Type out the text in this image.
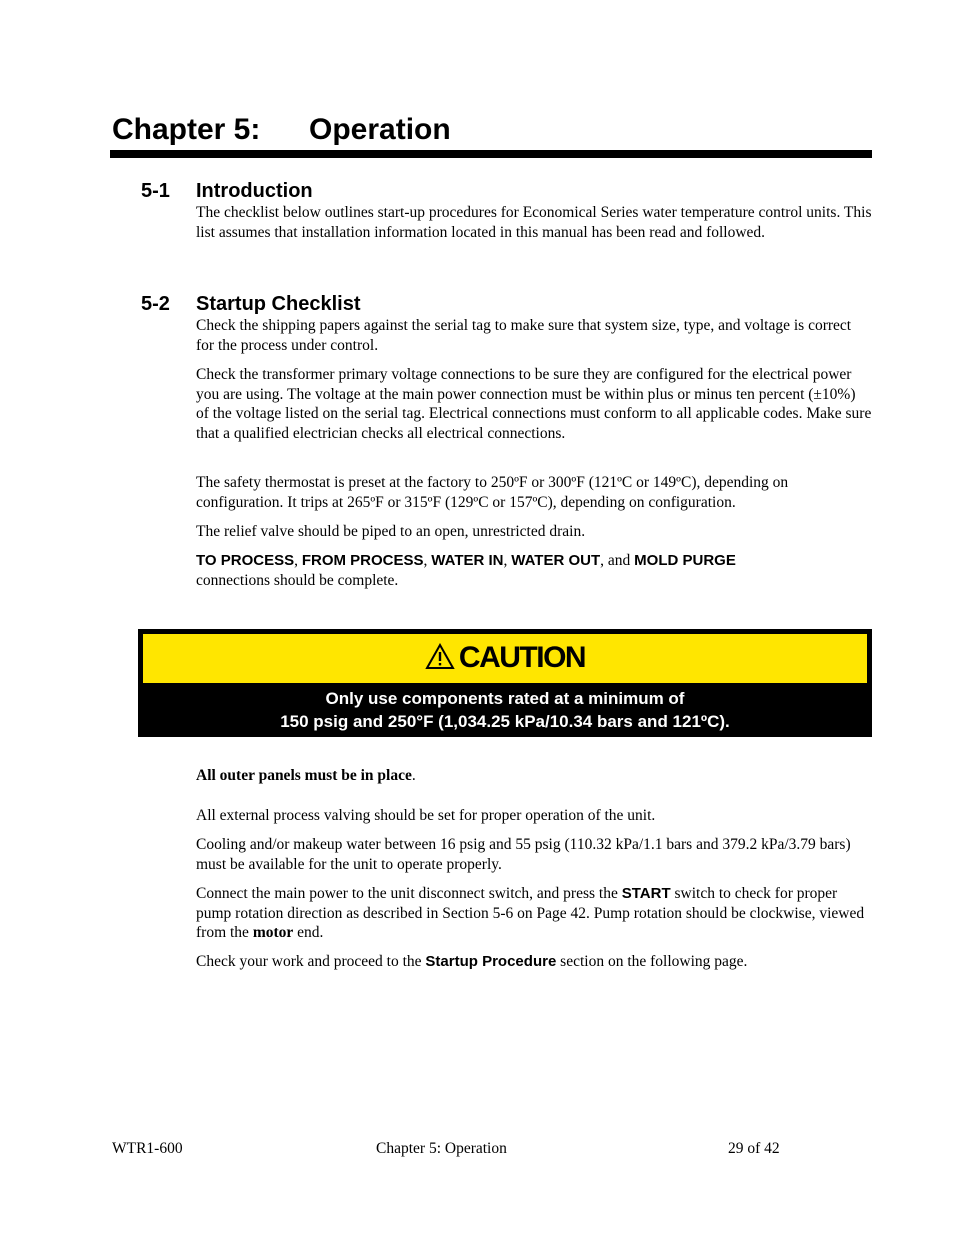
Chapter 5: Operation
5-1 Introduction

The checklist below outlines start-up procedures for Economical Series water temperature control units. This list assumes that installation information located in this manual has been read and followed.

5-2 Startup Checklist

Check the shipping papers against the serial tag to make sure that system size, type, and voltage is correct for the process under control.

Check the transformer primary voltage connections to be sure they are configured for the electrical power you are using. The voltage at the main power connection must be within plus or minus ten percent (±10%) of the voltage listed on the serial tag. Electrical connections must conform to all applicable codes. Make sure that a qualified electrician checks all electrical connections.

The safety thermostat is preset at the factory to 250ºF or 300ºF (121ºC or 149ºC), depending on configuration. It trips at 265ºF or 315ºF (129ºC or 157ºC), depending on configuration.

The relief valve should be piped to an open, unrestricted drain.

TO PROCESS, FROM PROCESS, WATER IN, WATER OUT, and MOLD PURGE
connections should be complete.

CAUTION
Only use components rated at a minimum of
150 psig and 250°F (1,034.25 kPa/10.34 bars and 121ºC).

All outer panels must be in place.

All external process valving should be set for proper operation of the unit.

Cooling and/or makeup water between 16 psig and 55 psig (110.32 kPa/1.1 bars and 379.2 kPa/3.79 bars) must be available for the unit to operate properly.

Connect the main power to the unit disconnect switch, and press the START switch to check for proper pump rotation direction as described in Section 5-6 on Page 42. Pump rotation should be clockwise, viewed from the motor end.

Check your work and proceed to the Startup Procedure section on the following page.

WTR1-600	Chapter 5: Operation	29 of 42
